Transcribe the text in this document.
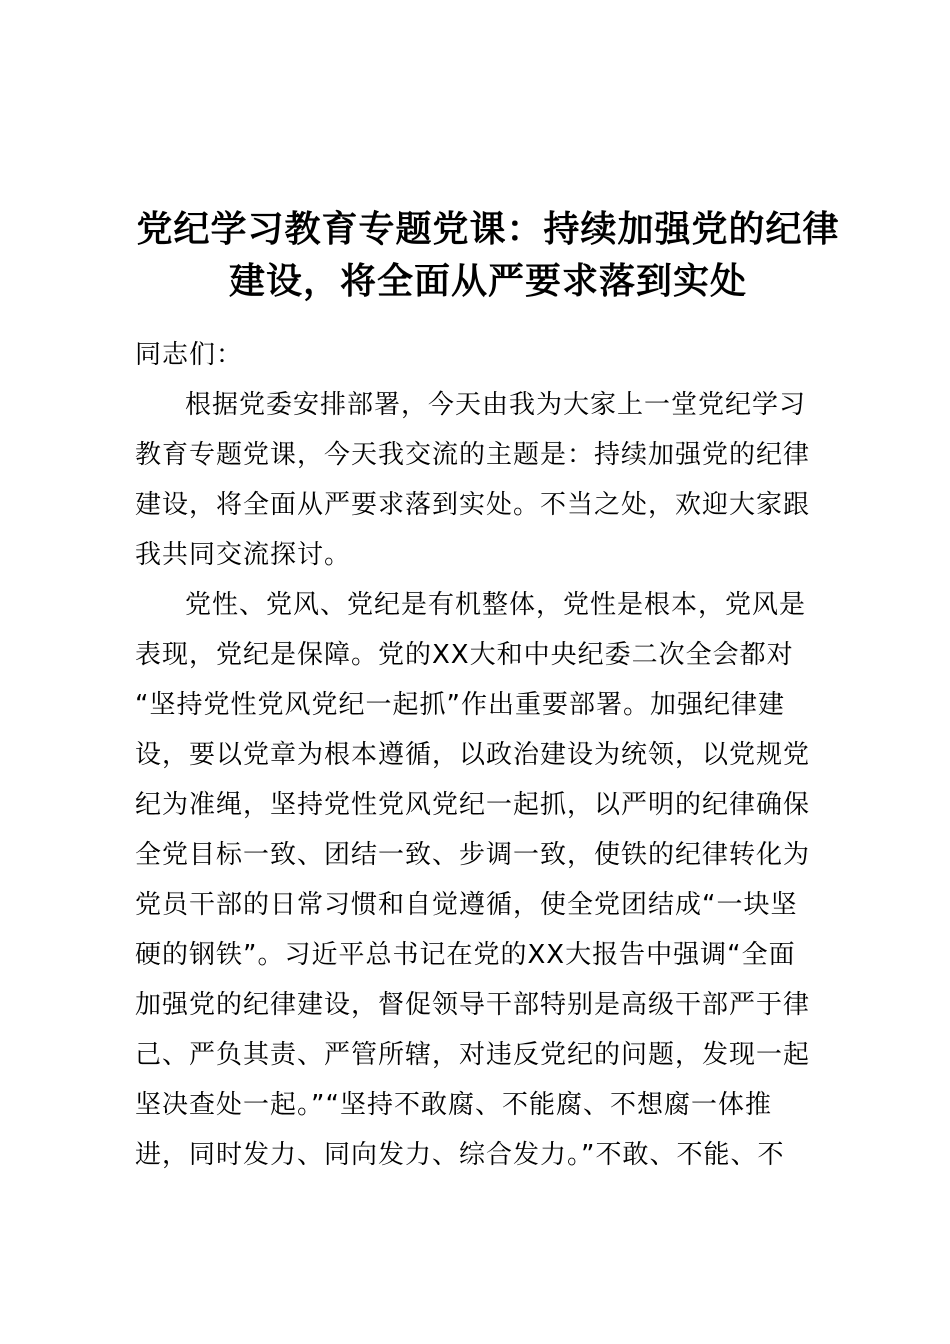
党纪学习教育专题党课：持续加强党的纪律
建设，将全面从严要求落到实处

同志们：

根据党委安排部署，今天由我为大家上一堂党纪学习

教育专题党课，今天我交流的主题是：持续加强党的纪律

建设，将全面从严要求落到实处。不当之处，欢迎大家跟

我共同交流探讨。

党性、党风、党纪是有机整体，党性是根本，党风是

表现，党纪是保障。党的XX大和中央纪委二次全会都对

“坚持党性党风党纪一起抓”作出重要部署。加强纪律建

设，要以党章为根本遵循，以政治建设为统领，以党规党

纪为准绳，坚持党性党风党纪一起抓，以严明的纪律确保

全党目标一致、团结一致、步调一致，使铁的纪律转化为

党员干部的日常习惯和自觉遵循，使全党团结成“一块坚

硬的钢铁”。习近平总书记在党的XX大报告中强调“全面

加强党的纪律建设，督促领导干部特别是高级干部严于律

己、严负其责、严管所辖，对违反党纪的问题，发现一起

坚决查处一起。”“坚持不敢腐、不能腐、不想腐一体推

进，同时发力、同向发力、综合发力。”不敢、不能、不
